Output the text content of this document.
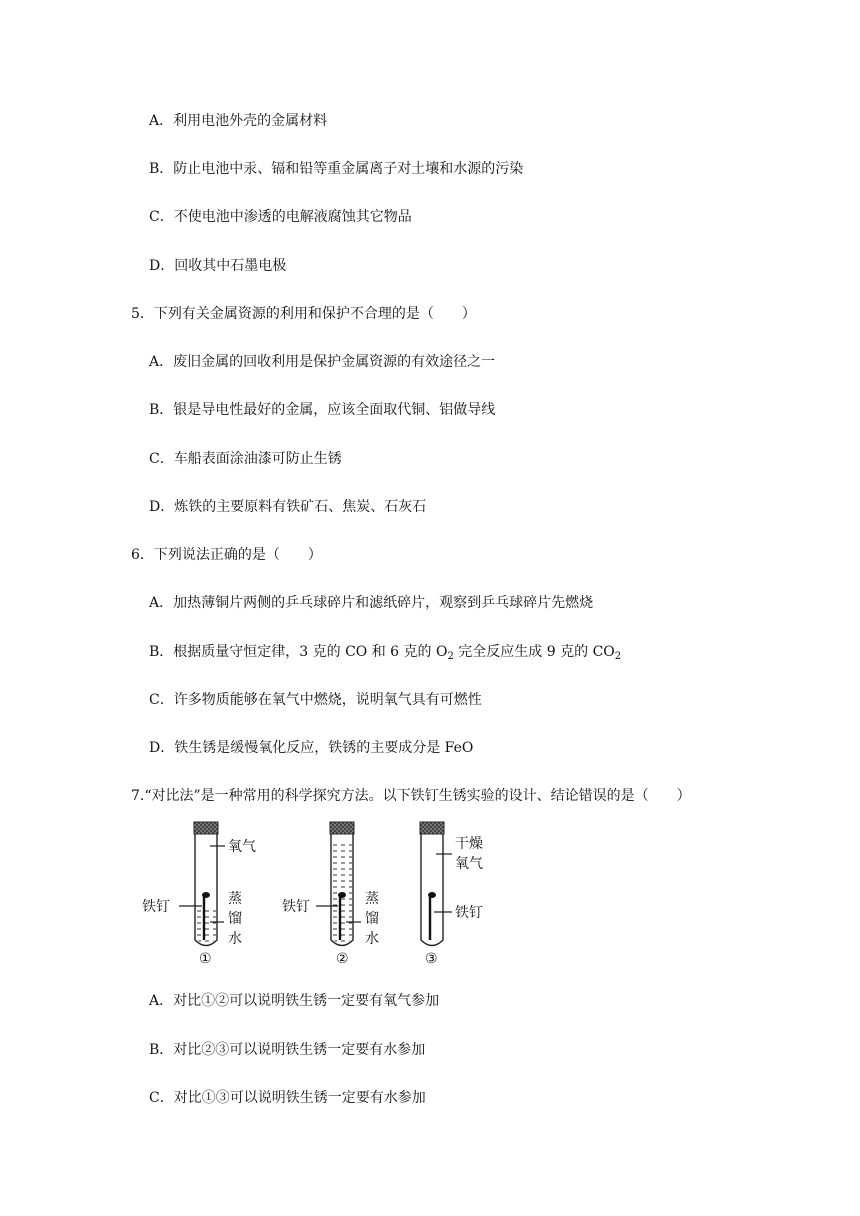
A．利用电池外壳的金属材料
B．防止电池中汞、镉和铅等重金属离子对土壤和水源的污染
C．不使电池中渗透的电解液腐蚀其它物品
D．回收其中石墨电极
5．下列有关金属资源的利用和保护不合理的是（　　）
A．废旧金属的回收利用是保护金属资源的有效途径之一
B．银是导电性最好的金属，应该全面取代铜、铝做导线
C．车船表面涂油漆可防止生锈
D．炼铁的主要原料有铁矿石、焦炭、石灰石
6．下列说法正确的是（　　）
A．加热薄铜片两侧的乒乓球碎片和滤纸碎片，观察到乒乓球碎片先燃烧
B．根据质量守恒定律，3 克的 CO 和 6 克的 $O_2$ 完全反应生成 9 克的 $CO_2$
C．许多物质能够在氧气中燃烧，说明氧气具有可燃性
D．铁生锈是缓慢氧化反应，铁锈的主要成分是 FeO
7.“对比法”是一种常用的科学探究方法。以下铁钉生锈实验的设计、结论错误的是（　　）
氧气
铁钉	蒸
馏
水
①
铁钉	蒸
馏
水
②
干燥
氧气
铁钉
③
A．对比①②可以说明铁生锈一定要有氧气参加
B．对比②③可以说明铁生锈一定要有水参加
C．对比①③可以说明铁生锈一定要有水参加
